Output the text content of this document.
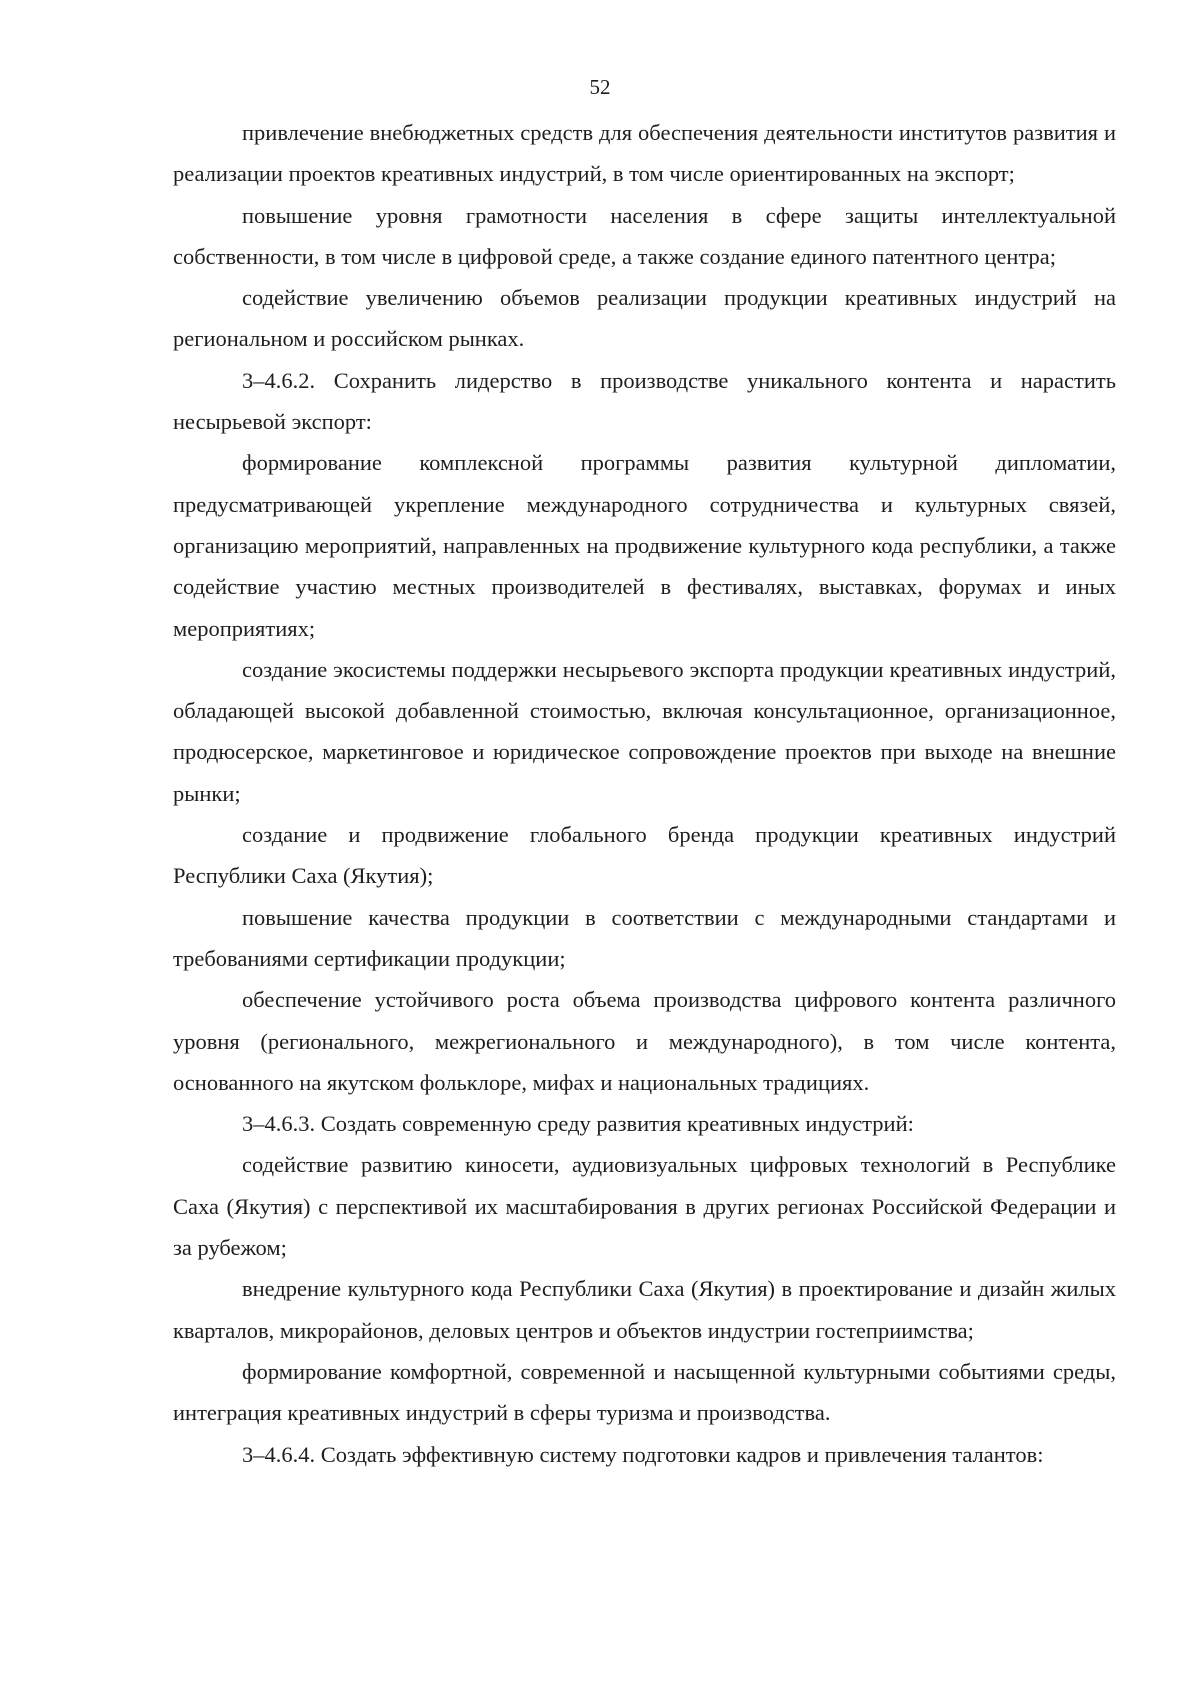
52

привлечение внебюджетных средств для обеспечения деятельности институтов развития и реализации проектов креативных индустрий, в том числе ориентированных на экспорт;

повышение уровня грамотности населения в сфере защиты интеллектуальной собственности, в том числе в цифровой среде, а также создание единого патентного центра;

содействие увеличению объемов реализации продукции креативных индустрий на региональном и российском рынках.

3–4.6.2. Сохранить лидерство в производстве уникального контента и нарастить несырьевой экспорт:

формирование комплексной программы развития культурной дипломатии, предусматривающей укрепление международного сотрудничества и культурных связей, организацию мероприятий, направленных на продвижение культурного кода республики, а также содействие участию местных производителей в фестивалях, выставках, форумах и иных мероприятиях;

создание экосистемы поддержки несырьевого экспорта продукции креативных индустрий, обладающей высокой добавленной стоимостью, включая консультационное, организационное, продюсерское, маркетинговое и юридическое сопровождение проектов при выходе на внешние рынки;

создание и продвижение глобального бренда продукции креативных индустрий Республики Саха (Якутия);

повышение качества продукции в соответствии с международными стандартами и требованиями сертификации продукции;

обеспечение устойчивого роста объема производства цифрового контента различного уровня (регионального, межрегионального и международного), в том числе контента, основанного на якутском фольклоре, мифах и национальных традициях.

3–4.6.3. Создать современную среду развития креативных индустрий:

содействие развитию киносети, аудиовизуальных цифровых технологий в Республике Саха (Якутия) с перспективой их масштабирования в других регионах Российской Федерации и за рубежом;

внедрение культурного кода Республики Саха (Якутия) в проектирование и дизайн жилых кварталов, микрорайонов, деловых центров и объектов индустрии гостеприимства;

формирование комфортной, современной и насыщенной культурными событиями среды, интеграция креативных индустрий в сферы туризма и производства.

3–4.6.4. Создать эффективную систему подготовки кадров и привлечения талантов:
